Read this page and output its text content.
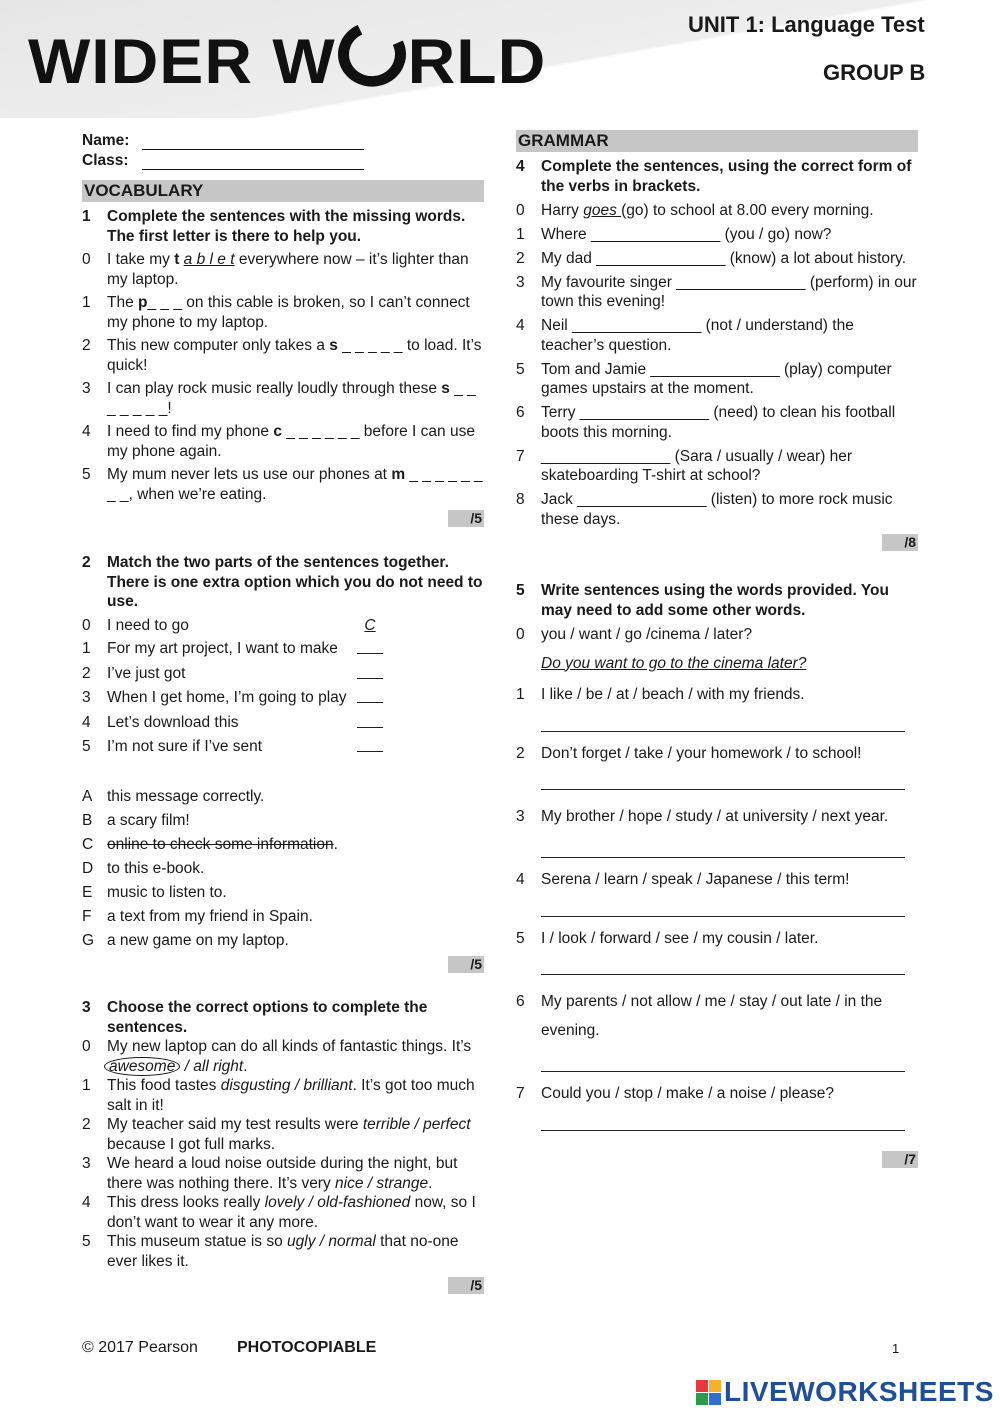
WIDER W RLD
UNIT 1: Language Test
GROUP B
Name:
Class:
VOCABULARY
1	Complete the sentences with the missing words. The first letter is there to help you.
0	I take my t a b l e t everywhere now – it’s lighter than my laptop.
1	The p_ _ _ on this cable is broken, so I can’t connect my phone to my laptop.
2	This new computer only takes a s _ _ _ _ _ to load. It’s quick!
3	I can play rock music really loudly through these s _ _ _ _ _ _ _!
4	I need to find my phone c _ _ _ _ _ _ before I can use my phone again.
5	My mum never lets us use our phones at m _ _ _ _ _ _ _ _, when we’re eating.
/5
2	Match the two parts of the sentences together. There is one extra option which you do not need to use.
0	I need to go	C
1	For my art project, I want to make
2	I’ve just got
3	When I get home, I’m going to play
4	Let’s download this
5	I’m not sure if I’ve sent
A this message correctly.
B a scary film!
C online to check some information.
D to this e-book.
E music to listen to.
F	a text from my friend in Spain.
G a new game on my laptop.
/5
3	Choose the correct options to complete the sentences.
0	My new laptop can do all kinds of fantastic things. It’s awesome / all right.
1	This food tastes disgusting / brilliant. It’s got too much salt in it!
2	My teacher said my test results were terrible / perfect because I got full marks.
3	We heard a loud noise outside during the night, but there was nothing there. It’s very nice / strange.
4	This dress looks really lovely / old-fashioned now, so I don’t want to wear it any more.
5	This museum statue is so ugly / normal that no-one ever likes it.
/5
GRAMMAR
4	Complete the sentences, using the correct form of the verbs in brackets.
0	Harry goes (go) to school at 8.00 every morning.
1	Where _______________ (you / go) now?
2	My dad _______________ (know) a lot about history.
3	My favourite singer _______________ (perform) in our town this evening!
4	Neil _______________ (not / understand) the teacher’s question.
5	Tom and Jamie _______________ (play) computer games upstairs at the moment.
6	Terry _______________ (need) to clean his football boots this morning.
7	_______________ (Sara / usually / wear) her skateboarding T-shirt at school?
8	Jack _______________ (listen) to more rock music these days.
/8
5	Write sentences using the words provided. You may need to add some other words.
0	you / want / go /cinema / later?
Do you want to go to the cinema later?
1	I like / be / at / beach / with my friends.
2	Don’t forget / take / your homework / to school!
3	My brother / hope / study / at university / next year.
4	Serena / learn / speak / Japanese / this term!
5	I / look / forward / see / my cousin / later.
6	My parents / not allow / me / stay / out late / in the evening.
7	Could you / stop / make / a noise / please?
/7
© 2017 Pearson PHOTOCOPIABLE	1
LIVEWORKSHEETS
